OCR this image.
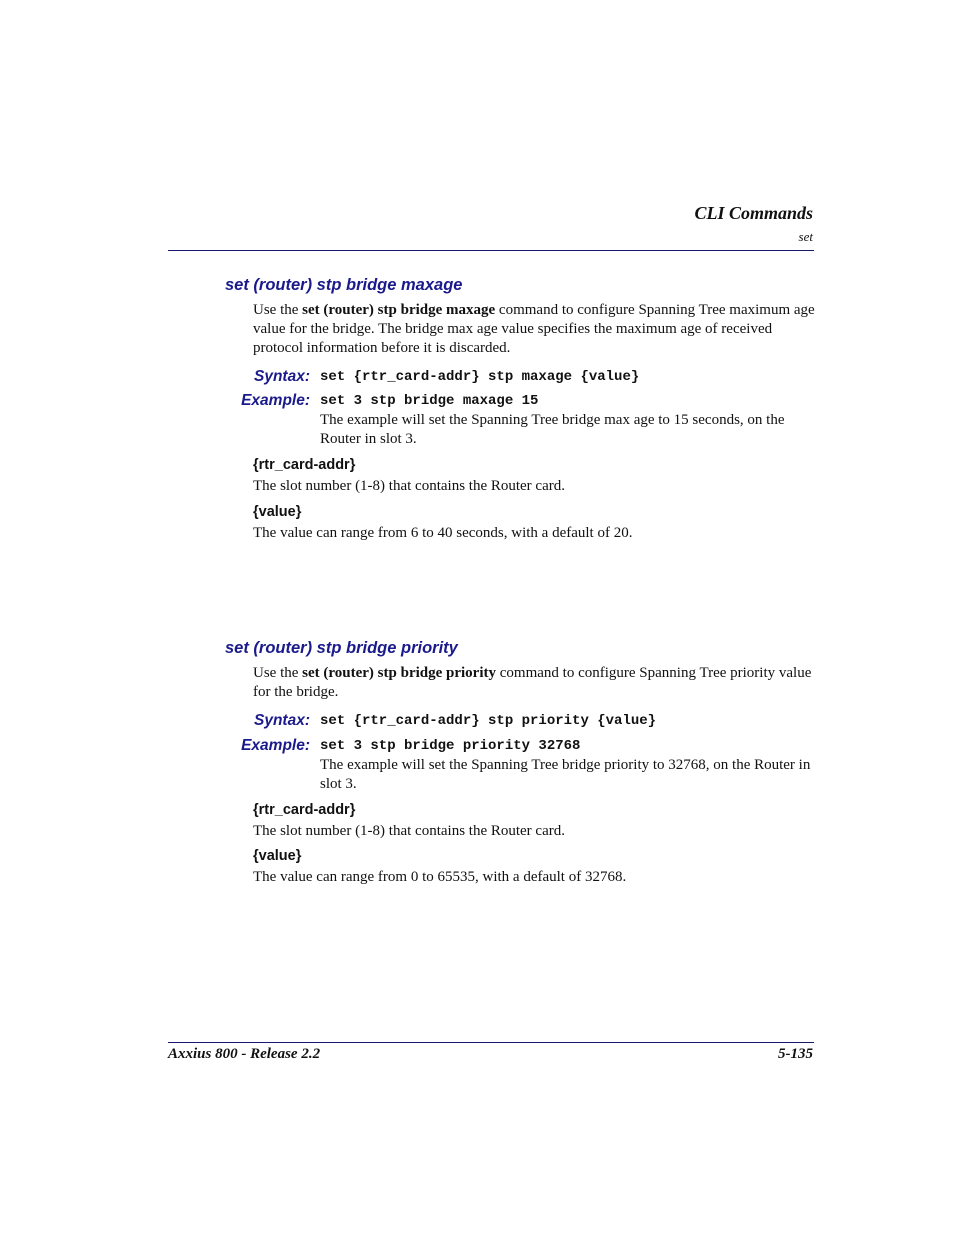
CLI Commands
set
set (router) stp bridge maxage
Use the set (router) stp bridge maxage command to configure Spanning Tree maximum age value for the bridge. The bridge max age value specifies the maximum age of received protocol information before it is discarded.
Syntax: set {rtr_card-addr} stp maxage {value}
Example: set 3 stp bridge maxage 15
The example will set the Spanning Tree bridge max age to 15 seconds, on the Router in slot 3.
{rtr_card-addr}
The slot number (1-8) that contains the Router card.
{value}
The value can range from 6 to 40 seconds, with a default of 20.
set (router) stp bridge priority
Use the set (router) stp bridge priority command to configure Spanning Tree priority value for the bridge.
Syntax: set {rtr_card-addr} stp priority {value}
Example: set 3 stp bridge priority 32768
The example will set the Spanning Tree bridge priority to 32768, on the Router in slot 3.
{rtr_card-addr}
The slot number (1-8) that contains the Router card.
{value}
The value can range from 0 to 65535, with a default of 32768.
Axxius 800 - Release 2.2	5-135
